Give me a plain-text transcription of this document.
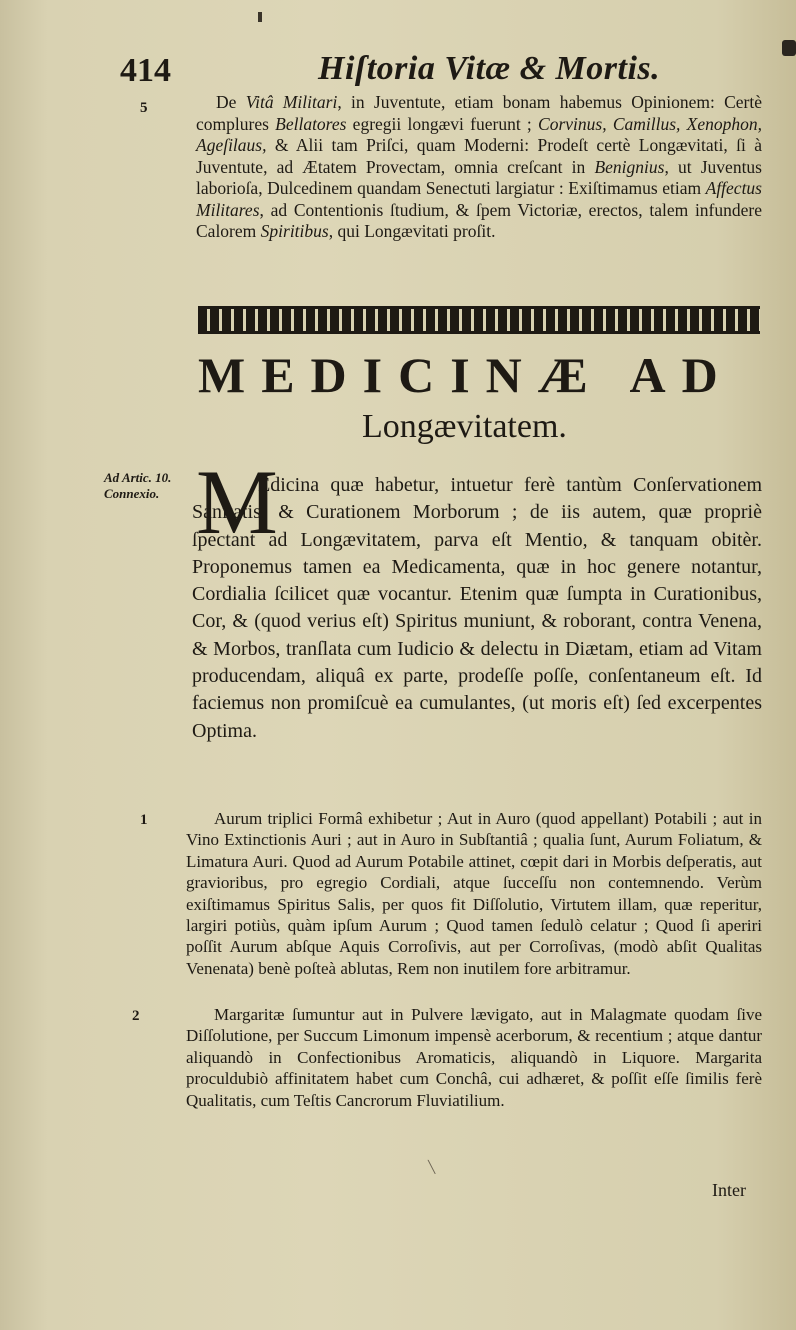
414	Hiſtoria Vitæ & Mortis.
5	De Vitâ Militari, in Juventute, etiam bonam habemus Opinionem: Certè complures Bellatores egregii longævi fuerunt ; Corvinus, Camillus, Xenophon, Ageſilaus, & Alii tam Priſci, quam Moderni: Prodeſt certè Longævitati, ſi à Juventute, ad Ætatem Provectam, omnia creſcant in Benignius, ut Juventus laborioſa, Dulcedinem quandam Senectuti largiatur : Exiſtimamus etiam Affectus Militares, ad Contentionis ſtudium, & ſpem Victoriæ, erectos, talem infundere Calorem Spiritibus, qui Longævitati proſit.

MEDICINÆ AD
Longævitatem.
Ad Artic. 10.
Connexio. M

Edicina quæ habetur, intuetur ferè tantùm Conſervationem Sanitatis, & Curationem Morborum ; de iis autem, quæ propriè ſpectant ad Longævitatem, parva eſt Mentio, & tanquam obitèr. Proponemus tamen ea Medicamenta, quæ in hoc genere notantur, Cordialia ſcilicet quæ vocantur. Etenim quæ ſumpta in Curationibus, Cor, & (quod verius eſt) Spiritus muniunt, & roborant, contra Venena, & Morbos, tranſlata cum Iudicio & delectu in Diætam, etiam ad Vitam producendam, aliquâ ex parte, prodeſſe poſſe, conſentaneum eſt. Id faciemus non promiſcuè ea cumulantes, (ut moris eſt) ſed excerpentes Optima.

1	Aurum triplici Formâ exhibetur ; Aut in Auro (quod appellant) Potabili ; aut in Vino Extinctionis Auri ; aut in Auro in Subſtantiâ ; qualia ſunt, Aurum Foliatum, & Limatura Auri. Quod ad Aurum Potabile attinet, cœpit dari in Morbis deſperatis, aut gravioribus, pro egregio Cordiali, atque ſucceſſu non contemnendo. Verùm exiſtimamus Spiritus Salis, per quos fit Diſſolutio, Virtutem illam, quæ reperitur, largiri potiùs, quàm ipſum Aurum ; Quod tamen ſedulò celatur ; Quod ſi aperiri poſſit Aurum abſque Aquis Corroſivis, aut per Corroſivas, (modò abſit Qualitas Venenata) benè poſteà ablutas, Rem non inutilem fore arbitramur.

2	Margaritæ ſumuntur aut in Pulvere lævigato, aut in Malagmate quodam ſive Diſſolutione, per Succum Limonum impensè acerborum, & recentium ; atque dantur aliquandò in Confectionibus Aromaticis, aliquandò in Liquore. Margarita proculdubiò affinitatem habet cum Conchâ, cui adhæret, & poſſit eſſe ſimilis ferè Qualitatis, cum Teſtis Cancrorum Fluviatilium.

Inter
╲
